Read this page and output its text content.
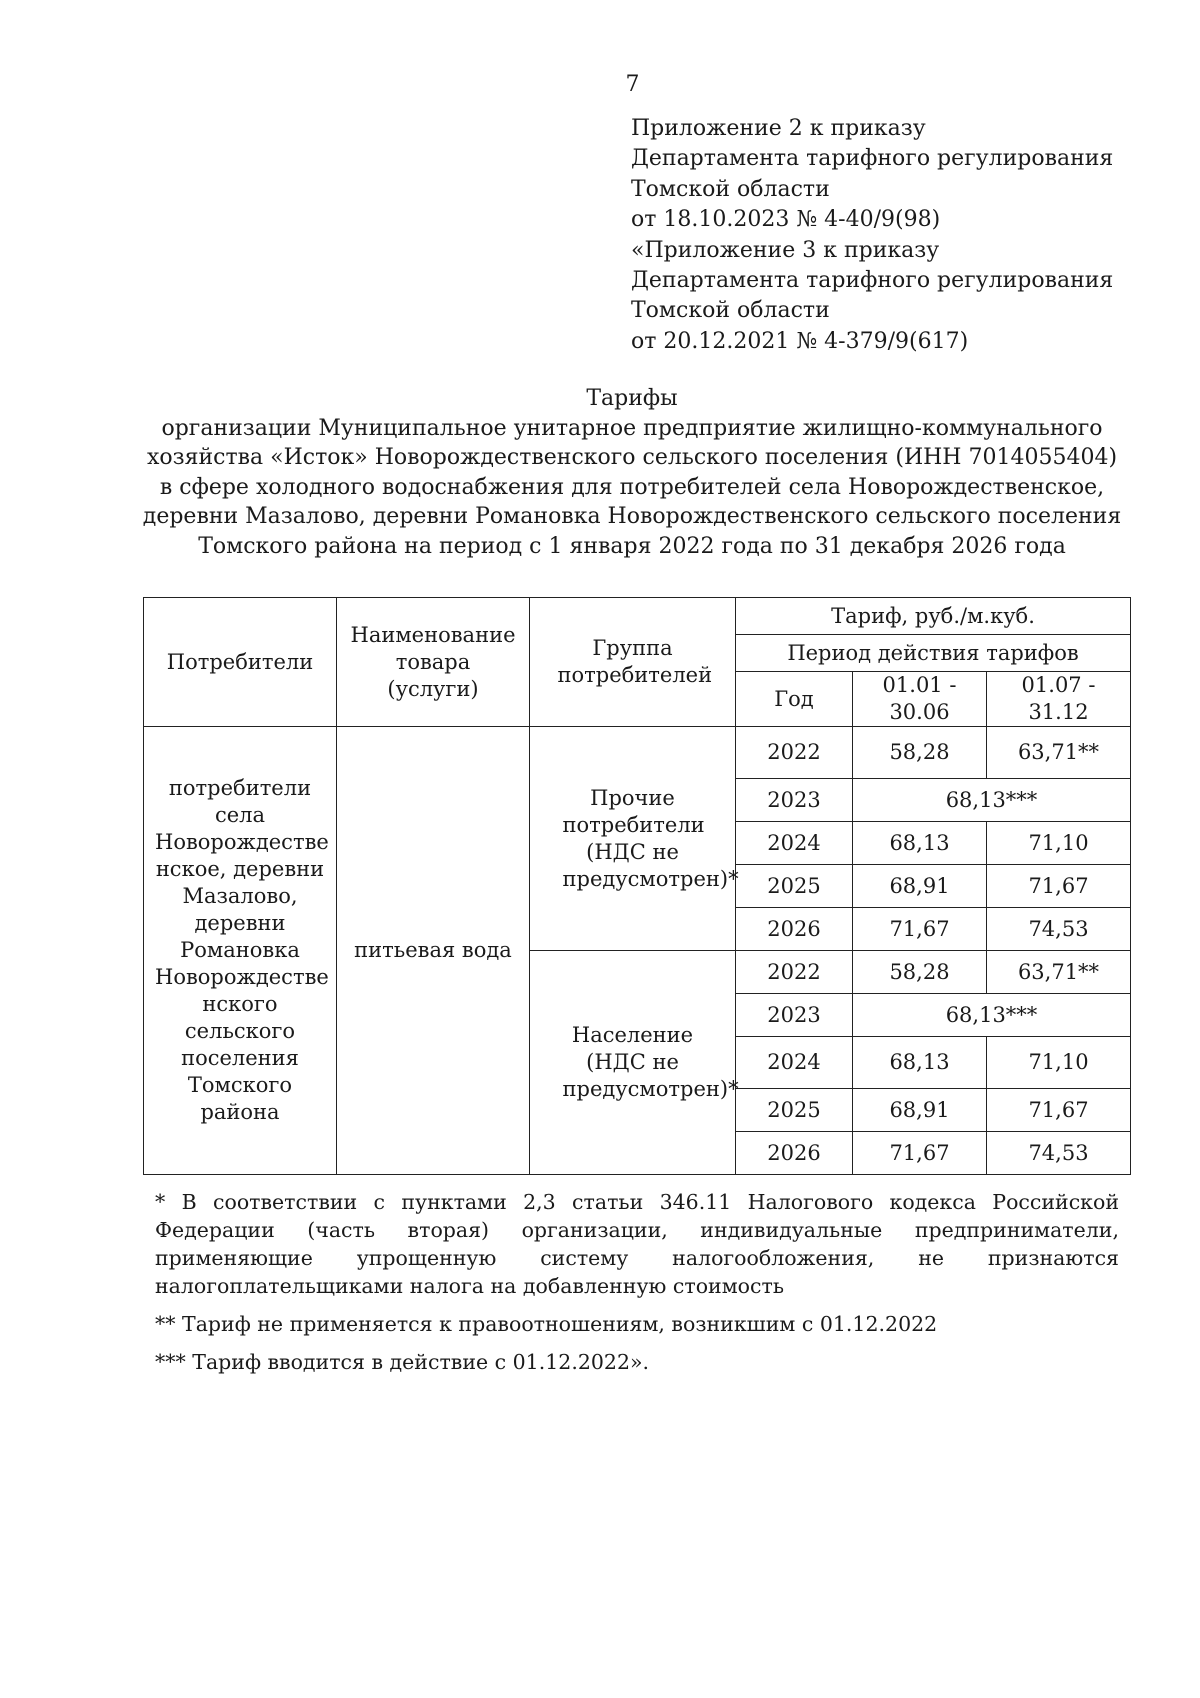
7
Приложение 2 к приказу
Департамента тарифного регулирования
Томской области
от 18.10.2023 № 4-40/9(98)
«Приложение 3 к приказу
Департамента тарифного регулирования
Томской области
от 20.12.2021 № 4-379/9(617)
Тарифы
организации Муниципальное унитарное предприятие жилищно-коммунального
хозяйства «Исток» Новорождественского сельского поселения (ИНН 7014055404)
в сфере холодного водоснабжения для потребителей села Новорождественское,
деревни Мазалово, деревни Романовка Новорождественского сельского поселения
Томского района на период с 1 января 2022 года по 31 декабря 2026 года
Потребители	Наименование товара (услуги)	Группа потребителей	Тариф, руб./м.куб.		
			Период действия тарифов		
			Год	01.01 - 30.06	01.07 - 31.12
потребители села Новорождестве нское, деревни Мазалово, деревни Романовка Новорождестве нского сельского поселения Томского района	питьевая вода	Прочие потребители (НДС не предусмотрен)*	2022	58,28	63,71**
			2023	68,13***	
			2024	68,13	71,10
			2025	68,91	71,67
			2026	71,67	74,53
		Население (НДС не предусмотрен)*	2022	58,28	63,71**
			2023	68,13***	
			2024	68,13	71,10
			2025	68,91	71,67
			2026	71,67	74,53

* В соответствии с пунктами 2,3 статьи 346.11 Налогового кодекса Российской Федерации (часть вторая) организации, индивидуальные предприниматели, применяющие упрощенную систему налогообложения, не признаются налогоплательщиками налога на добавленную стоимость

** Тариф не применяется к правоотношениям, возникшим с 01.12.2022

*** Тариф вводится в действие с 01.12.2022».
